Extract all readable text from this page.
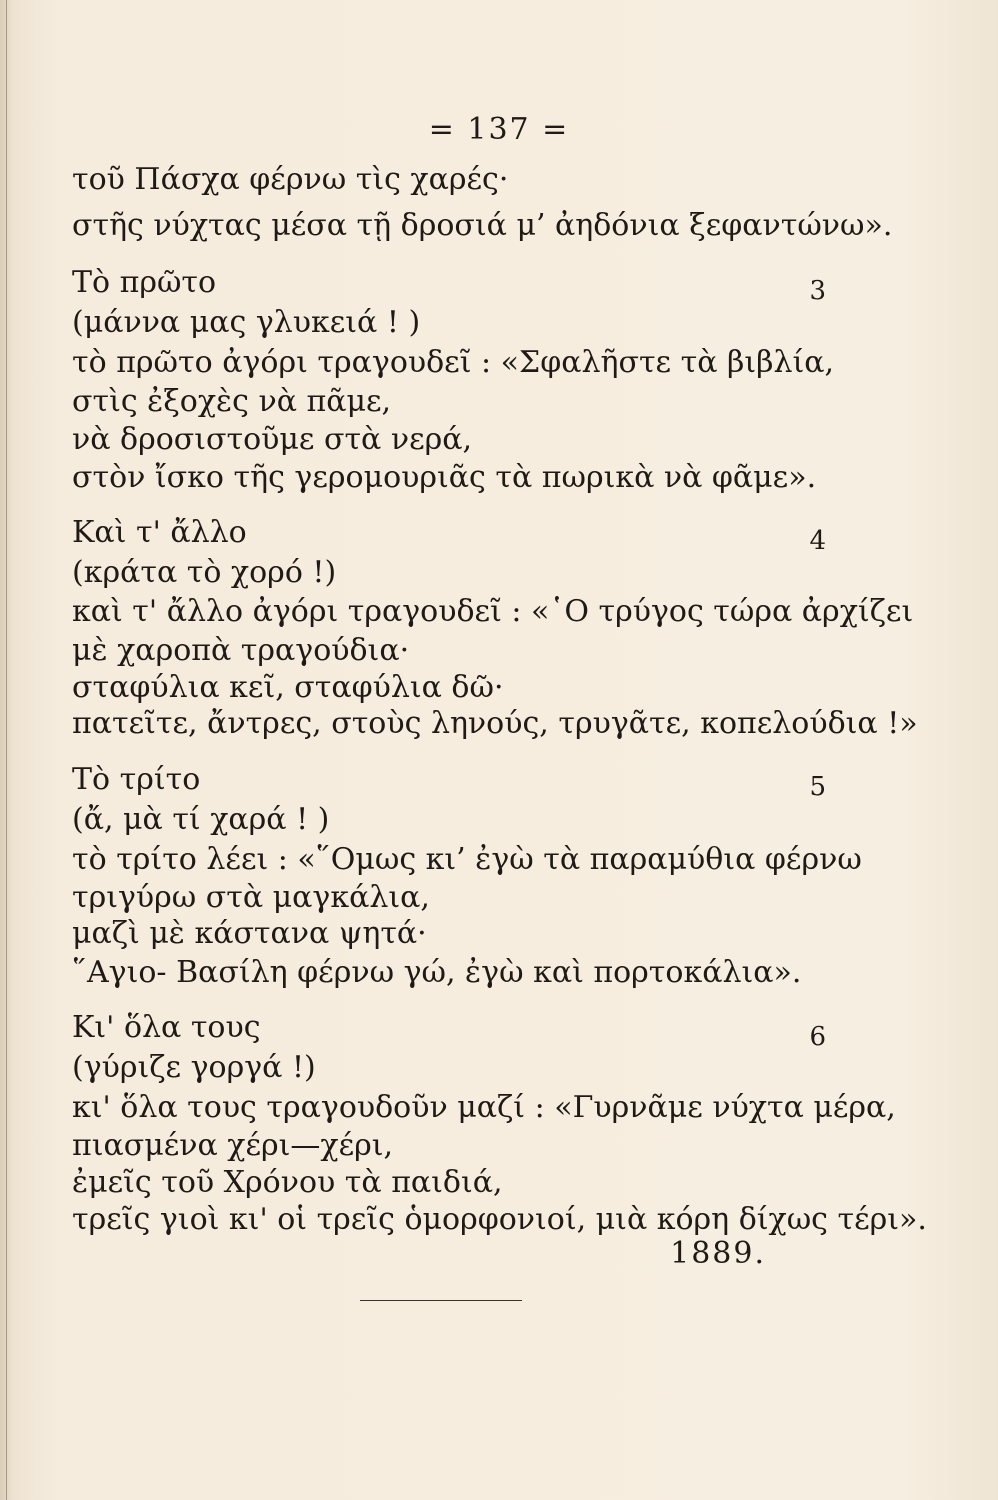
= 137 =
τοῦ Πάσχα φέρνω τὶς χαρές·
στῆς νύχτας μέσα τῇ δροσιά μ’ ἀηδόνια ξεφαντώνω».
Τὸ πρῶτο	3
(μάννα μας γλυκειά ! )
τὸ πρῶτο ἀγόρι τραγουδεῖ : «Σφαλῆστε τὰ βιβλία,
στὶς ἐξοχὲς νὰ πᾶμε,
νὰ δροσιστοῦμε στὰ νερά,
στὸν ἴσκο τῆς γερομουριᾶς τὰ πωρικὰ νὰ φᾶμε».
Καὶ τ' ἄλλο	4
(κράτα τὸ χορό !)
καὶ τ' ἄλλο ἀγόρι τραγουδεῖ : «῾Ο τρύγος τώρα ἀρχίζει
μὲ χαροπὰ τραγούδια·
σταφύλια κεῖ, σταφύλια δῶ·
πατεῖτε, ἄντρες, στοὺς ληνούς, τρυγᾶτε, κοπελούδια !»
Τὸ τρίτο	5
(ἄ, μὰ τί χαρά ! )
τὸ τρίτο λέει : «῞Ομως κι’ ἐγὼ τὰ παραμύθια φέρνω
τριγύρω στὰ μαγκάλια,
μαζὶ μὲ κάστανα ψητά·
῞Αγιο- Βασίλη φέρνω γώ, ἐγὼ καὶ πορτοκάλια».
Κι' ὅλα τους	6
(γύριζε γοργά !)
κι' ὅλα τους τραγουδοῦν μαζί : «Γυρνᾶμε νύχτα μέρα,
πιασμένα χέρι—χέρι,
ἐμεῖς τοῦ Χρόνου τὰ παιδιά,
τρεῖς γιοὶ κι' οἱ τρεῖς ὁμορφονιοί, μιὰ κόρη δίχως τέρι».
1889.
